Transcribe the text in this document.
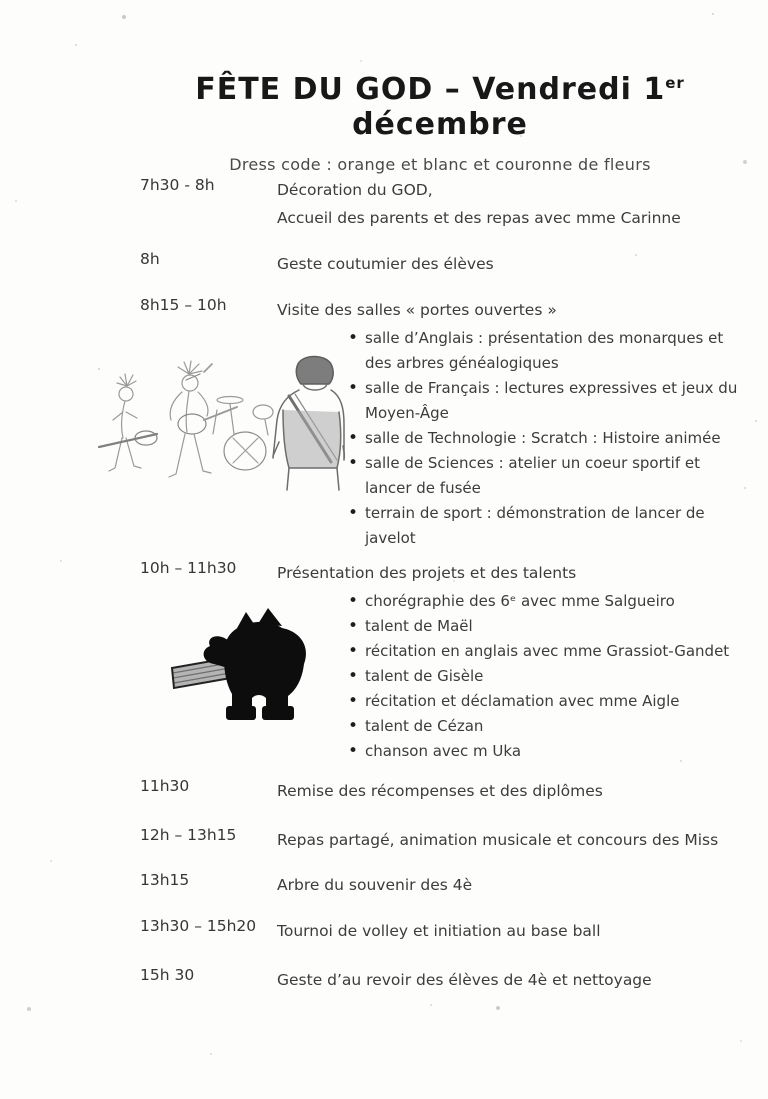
FÊTE DU GOD – Vendredi 1er décembre
Dress code : orange et blanc et couronne de fleurs
7h30 - 8h	Décoration du GOD,
Accueil des parents et des repas avec mme Carinne
8h	Geste coutumier des élèves
8h15 – 10h	Visite des salles « portes ouvertes »
• salle d’Anglais : présentation des monarques et des arbres généalogiques
• salle de Français : lectures expressives et jeux du Moyen-Âge
• salle de Technologie : Scratch : Histoire animée
• salle de Sciences : atelier un coeur sportif et lancer de fusée
• terrain de sport : démonstration de lancer de javelot
10h – 11h30	Présentation des projets et des talents
• chorégraphie des 6ᵉ avec mme Salgueiro
• talent de Maël
• récitation en anglais avec mme Grassiot-Gandet
• talent de Gisèle
• récitation et déclamation avec mme Aigle
• talent de Cézan
• chanson avec m Uka
11h30	Remise des récompenses et des diplômes
12h – 13h15	Repas partagé, animation musicale et concours des Miss
13h15	Arbre du souvenir des 4è
13h30 – 15h20	Tournoi de volley et initiation au base ball
15h 30	Geste d’au revoir des élèves de 4è et nettoyage
